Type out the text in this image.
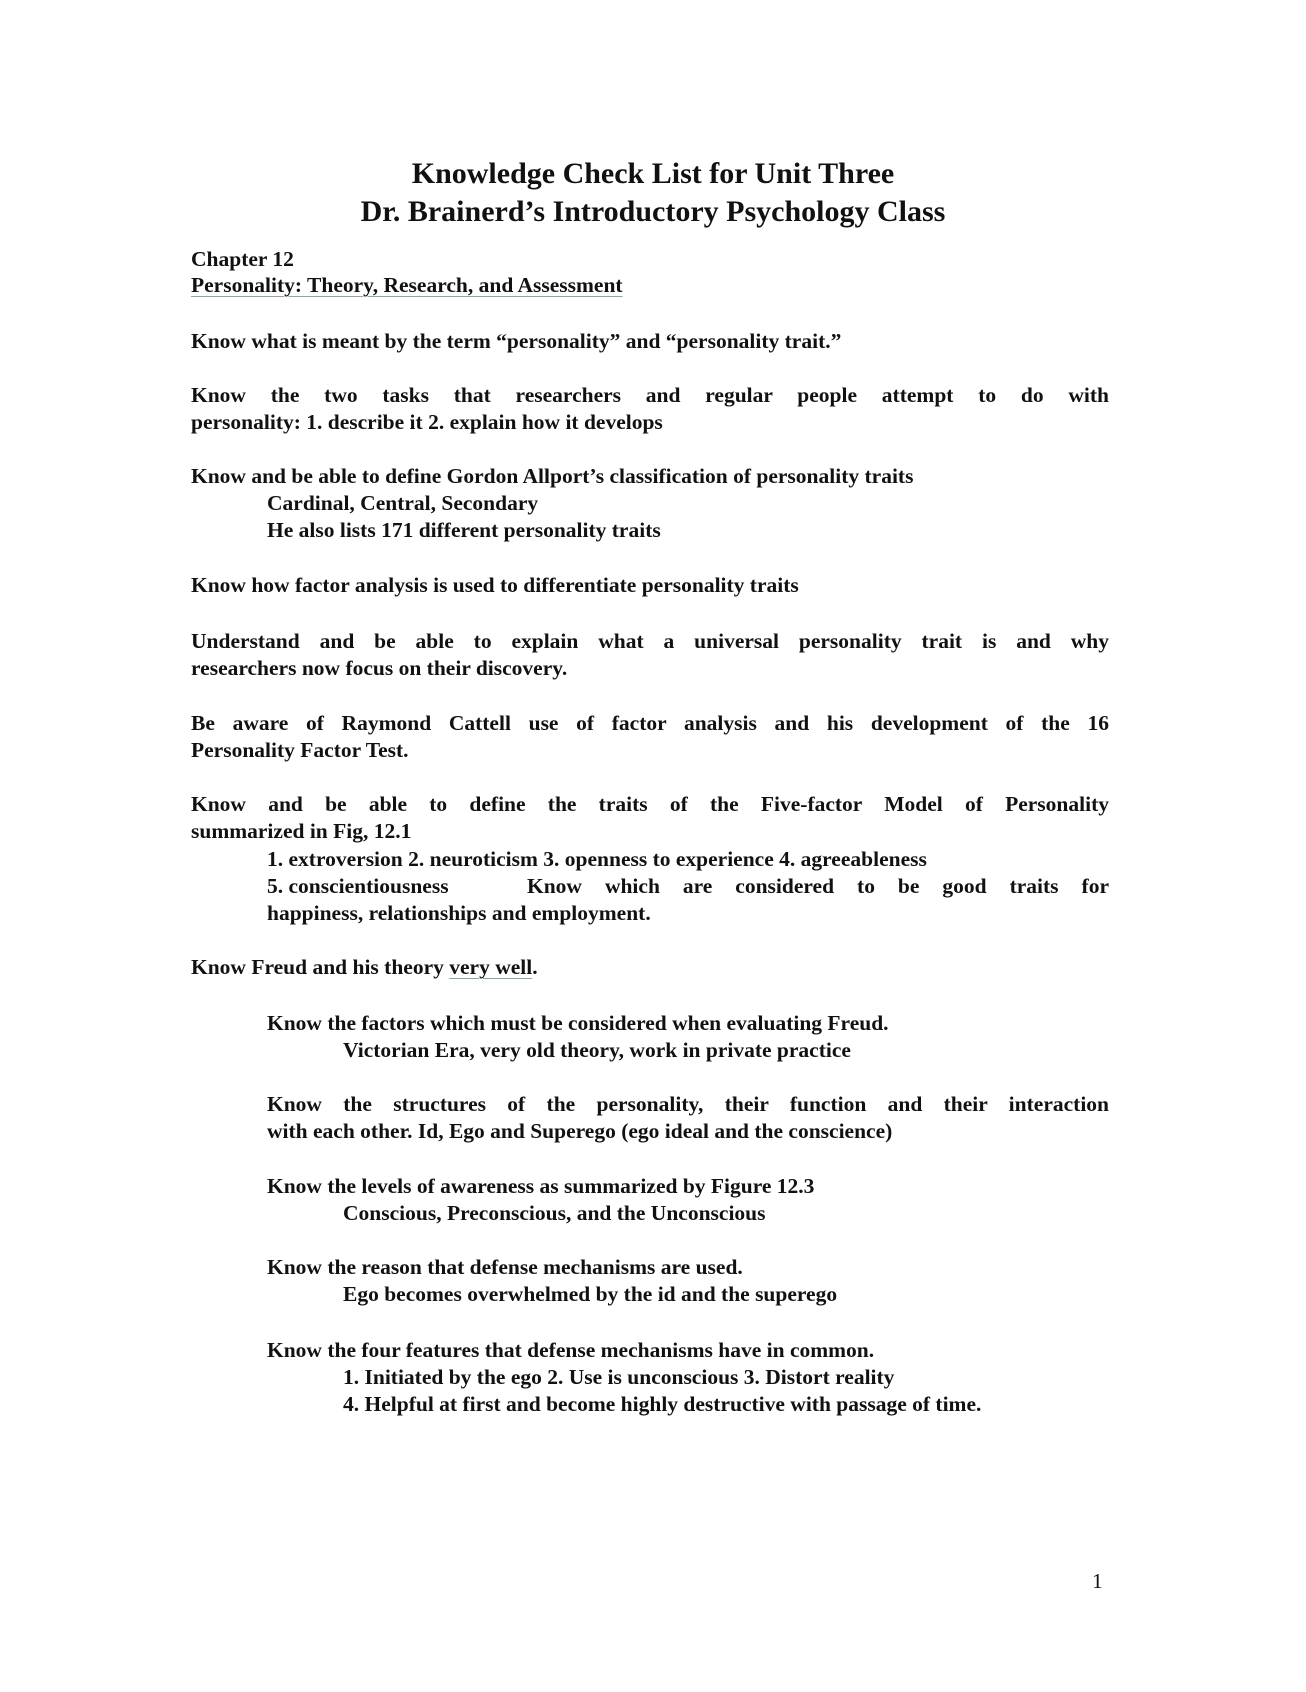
Knowledge Check List for Unit Three
Dr. Brainerd’s Introductory Psychology Class
Chapter 12
Personality: Theory, Research, and Assessment
Know what is meant by the term “personality” and “personality trait.”
Know the two tasks that researchers and regular people attempt to do with
personality: 1. describe it 2. explain how it develops
Know and be able to define Gordon Allport’s classification of personality traits
Cardinal, Central, Secondary
He also lists 171 different personality traits
Know how factor analysis is used to differentiate personality traits
Understand and be able to explain what a universal personality trait is and why
researchers now focus on their discovery.
Be aware of Raymond Cattell use of factor analysis and his development of the 16
Personality Factor Test.
Know and be able to define the traits of the Five-factor Model of Personality
summarized in Fig, 12.1
1. extroversion 2. neuroticism 3. openness to experience 4. agreeableness
5. conscientiousness	Know which are considered to be good traits for
happiness, relationships and employment.
Know Freud and his theory very well.
Know the factors which must be considered when evaluating Freud.
Victorian Era, very old theory, work in private practice
Know the structures of the personality, their function and their interaction
with each other. Id, Ego and Superego (ego ideal and the conscience)
Know the levels of awareness as summarized by Figure 12.3
Conscious, Preconscious, and the Unconscious
Know the reason that defense mechanisms are used.
Ego becomes overwhelmed by the id and the superego
Know the four features that defense mechanisms have in common.
1. Initiated by the ego 2. Use is unconscious 3. Distort reality
4. Helpful at first and become highly destructive with passage of time.
1
